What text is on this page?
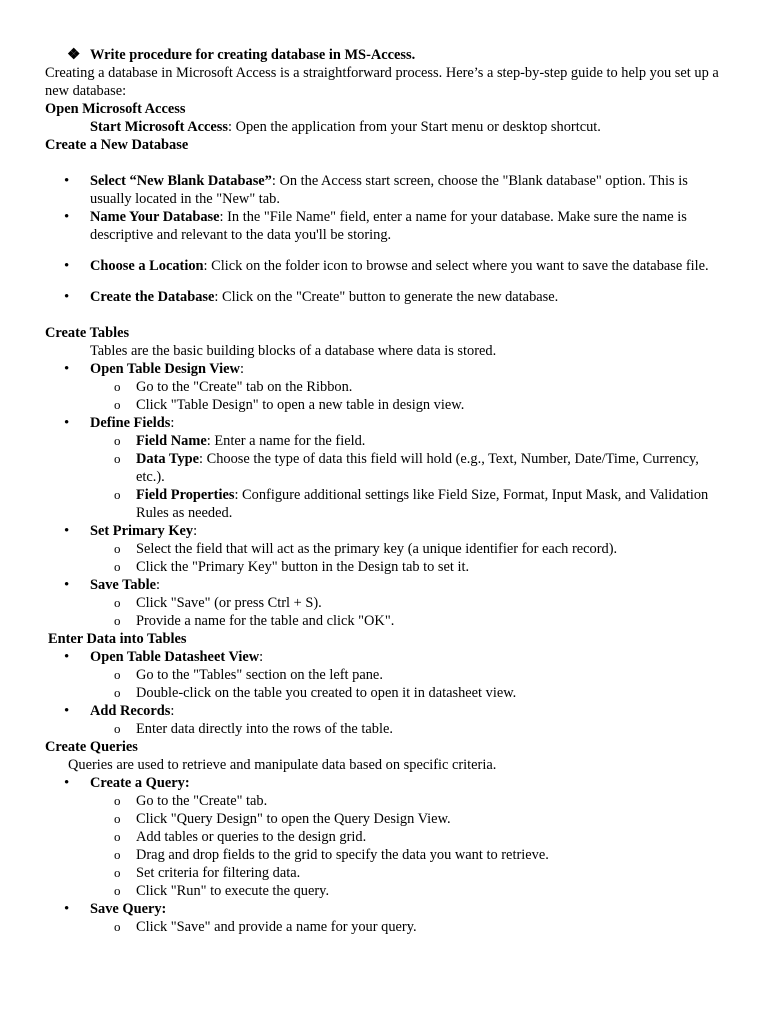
❖ Write procedure for creating database in MS-Access.

Creating a database in Microsoft Access is a straightforward process. Here’s a step-by-step guide to help you set up a new database:

Open Microsoft Access
Start Microsoft Access: Open the application from your Start menu or desktop shortcut.
Create a New Database
• Select “New Blank Database”: On the Access start screen, choose the "Blank database" option. This is usually located in the "New" tab.
• Name Your Database: In the "File Name" field, enter a name for your database. Make sure the name is descriptive and relevant to the data you'll be storing.
• Choose a Location: Click on the folder icon to browse and select where you want to save the database file.
• Create the Database: Click on the "Create" button to generate the new database.
Create Tables
Tables are the basic building blocks of a database where data is stored.
• Open Table Design View:
o Go to the "Create" tab on the Ribbon.
o Click "Table Design" to open a new table in design view.
• Define Fields:
o Field Name: Enter a name for the field.
o Data Type: Choose the type of data this field will hold (e.g., Text, Number, Date/Time, Currency, etc.).
o Field Properties: Configure additional settings like Field Size, Format, Input Mask, and Validation Rules as needed.
• Set Primary Key:
o Select the field that will act as the primary key (a unique identifier for each record).
o Click the "Primary Key" button in the Design tab to set it.
• Save Table:
o Click "Save" (or press Ctrl + S).
o Provide a name for the table and click "OK".
Enter Data into Tables
• Open Table Datasheet View:
o Go to the "Tables" section on the left pane.
o Double-click on the table you created to open it in datasheet view.
• Add Records:
o Enter data directly into the rows of the table.
Create Queries
Queries are used to retrieve and manipulate data based on specific criteria.
• Create a Query:
o Go to the "Create" tab.
o Click "Query Design" to open the Query Design View.
o Add tables or queries to the design grid.
o Drag and drop fields to the grid to specify the data you want to retrieve.
o Set criteria for filtering data.
o Click "Run" to execute the query.
• Save Query:
o Click "Save" and provide a name for your query.
